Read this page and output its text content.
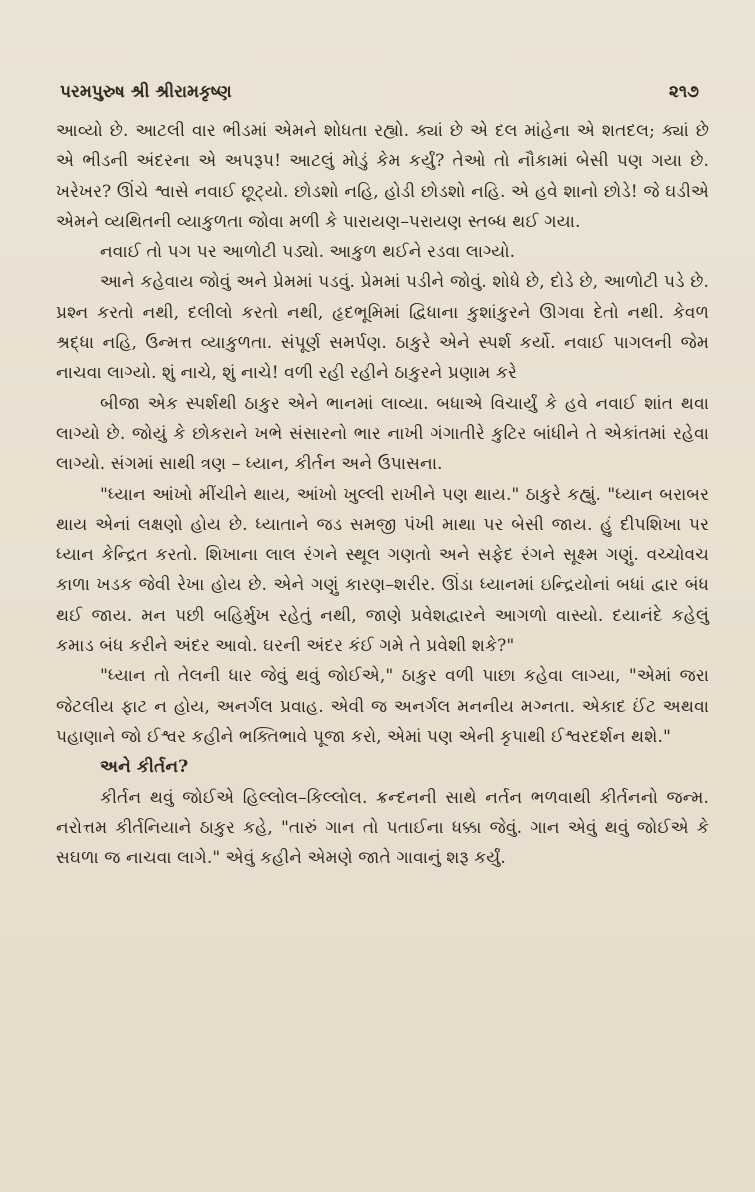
પરમપુરુષ શ્રી શ્રીરામકૃષ્ણ	૨૧૭

આવ્યો છે. આટલી વાર ભીડમાં એમને શોધતા રહ્યો. ક્યાં છે એ દલ માંહેના એ શતદલ; ક્યાં છે એ ભીડની અંદરના એ અપરૂપ! આટલું મોડું કેમ કર્યું? તેઓ તો નૌકામાં બેસી પણ ગયા છે. ખરેખર? ઊંચે શ્વાસે નવાઈ છૂટ્યો. છોડશો નહિ, હોડી છોડશો નહિ. એ હવે શાનો છોડે! જે ઘડીએ એમને વ્યથિતની વ્યાકુળતા જોવા મળી કે પારાયણ–પરાયણ સ્તબ્ધ થઈ ગયા.

નવાઈ તો પગ પર આળોટી પડ્યો. આકુળ થઈને રડવા લાગ્યો.

આને કહેવાય જોવું અને પ્રેમમાં પડવું. પ્રેમમાં પડીને જોવું. શોધે છે, દોડે છે, આળોટી પડે છે. પ્રશ્ન કરતો નથી, દલીલો કરતો નથી, હૃદભૂમિમાં દ્વિધાના કુશાંકુરને ઊગવા દેતો નથી. કેવળ શ્રદ્ધા નહિ, ઉન્મત્ત વ્યાકુળતા. સંપૂર્ણ સમર્પણ. ઠાકુરે એને સ્પર્શ કર્યો. નવાઈ પાગલની જેમ નાચવા લાગ્યો. શું નાચે, શું નાચે! વળી રહી રહીને ઠાકુરને પ્રણામ કરે

બીજા એક સ્પર્શથી ઠાકુર એને ભાનમાં લાવ્યા. બધાએ વિચાર્યું કે હવે નવાઈ શાંત થવા લાગ્યો છે. જોયું કે છોકરાને ખભે સંસારનો ભાર નાખી ગંગાતીરે કુટિર બાંધીને તે એકાંતમાં રહેવા લાગ્યો. સંગમાં સાથી ત્રણ – ધ્યાન, કીર્તન અને ઉપાસના.

"ધ્યાન આંખો મીંચીને થાય, આંખો ખુલ્લી રાખીને પણ થાય." ઠાકુરે કહ્યું. "ધ્યાન બરાબર થાય એનાં લક્ષણો હોય છે. ધ્યાતાને જડ સમજી પંખી માથા પર બેસી જાય. હું દીપશિખા પર ધ્યાન કેન્દ્રિત કરતો. શિખાના લાલ રંગને સ્થૂલ ગણતો અને સફેદ રંગને સૂક્ષ્મ ગણું. વચ્ચોવચ કાળા ખડક જેવી રેખા હોય છે. એને ગણું કારણ–શરીર. ઊંડા ધ્યાનમાં ઇન્દ્રિયોનાં બધાં દ્વાર બંધ થઈ જાય. મન પછી બહિર્મુખ રહેતું નથી, જાણે પ્રવેશદ્વારને આગળો વાસ્યો. દયાનંદે કહેલું કમાડ બંધ કરીને અંદર આવો. ઘરની અંદર કંઈ ગમે તે પ્રવેશી શકે?"

"ધ્યાન તો તેલની ધાર જેવું થવું જોઈએ," ઠાકુર વળી પાછા કહેવા લાગ્યા, "એમાં જરા જેટલીય ફાટ ન હોય, અનર્ગલ પ્રવાહ. એવી જ અનર્ગલ મનનીય મગ્નતા. એકાદ ઈંટ અથવા પહાણાને જો ઈશ્વર કહીને ભક્તિભાવે પૂજા કરો, એમાં પણ એની કૃપાથી ઈશ્વરદર્શન થશે."

અને કીર્તન?

કીર્તન થવું જોઈએ હિલ્લોલ–કિલ્લોલ. ક્રન્દનની સાથે નર્તન ભળવાથી કીર્તનનો જન્મ. નરોત્તમ કીર્તનિયાને ઠાકુર કહે, "તારું ગાન તો પતાઈના ધક્કા જેવું. ગાન એવું થવું જોઈએ કે સઘળા જ નાચવા લાગે." એવું કહીને એમણે જાતે ગાવાનું શરૂ કર્યું.
